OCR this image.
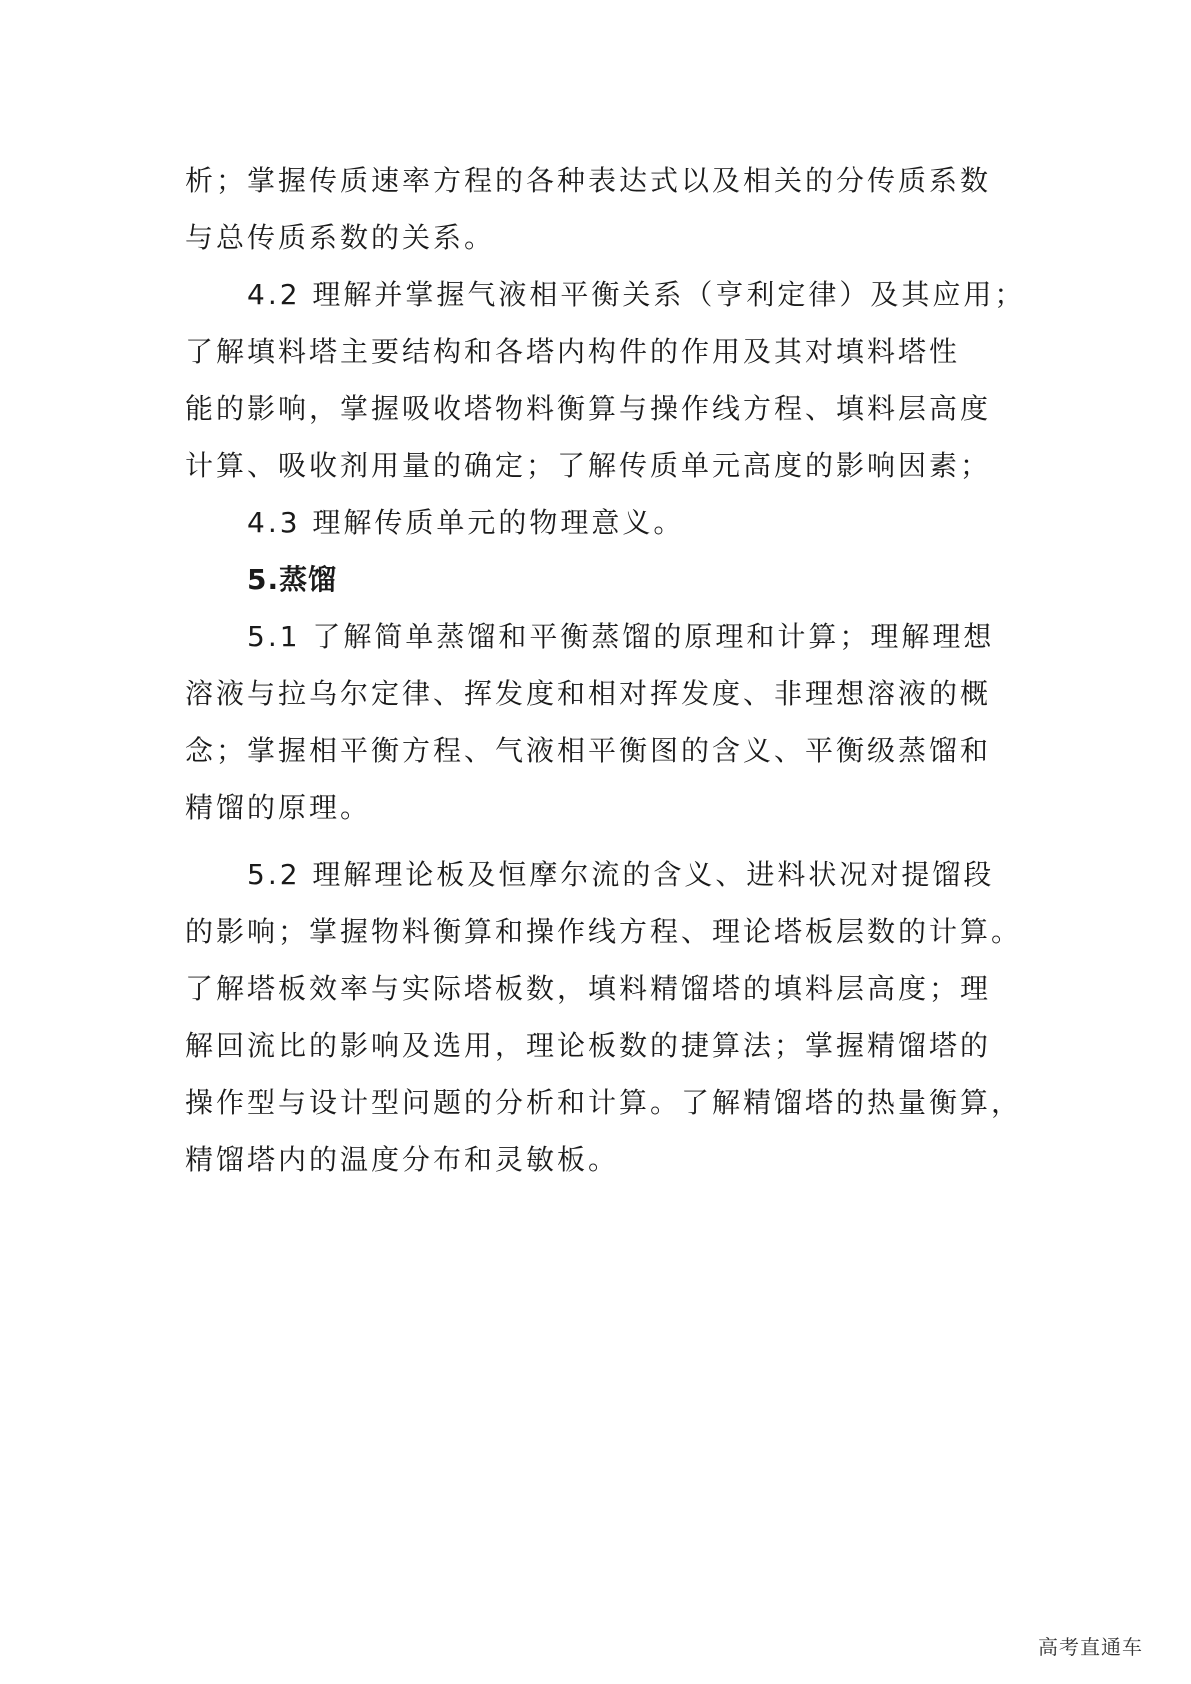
析；掌握传质速率方程的各种表达式以及相关的分传质系数

与总传质系数的关系。

4.2 理解并掌握气液相平衡关系（亨利定律）及其应用；

了解填料塔主要结构和各塔内构件的作用及其对填料塔性

能的影响，掌握吸收塔物料衡算与操作线方程、填料层高度

计算、吸收剂用量的确定；了解传质单元高度的影响因素；

4.3 理解传质单元的物理意义。

5.蒸馏

5.1 了解简单蒸馏和平衡蒸馏的原理和计算；理解理想

溶液与拉乌尔定律、挥发度和相对挥发度、非理想溶液的概

念；掌握相平衡方程、气液相平衡图的含义、平衡级蒸馏和

精馏的原理。

5.2 理解理论板及恒摩尔流的含义、进料状况对提馏段

的影响；掌握物料衡算和操作线方程、理论塔板层数的计算。

了解塔板效率与实际塔板数，填料精馏塔的填料层高度；理

解回流比的影响及选用，理论板数的捷算法；掌握精馏塔的

操作型与设计型问题的分析和计算。了解精馏塔的热量衡算，

精馏塔内的温度分布和灵敏板。

高考直通车
